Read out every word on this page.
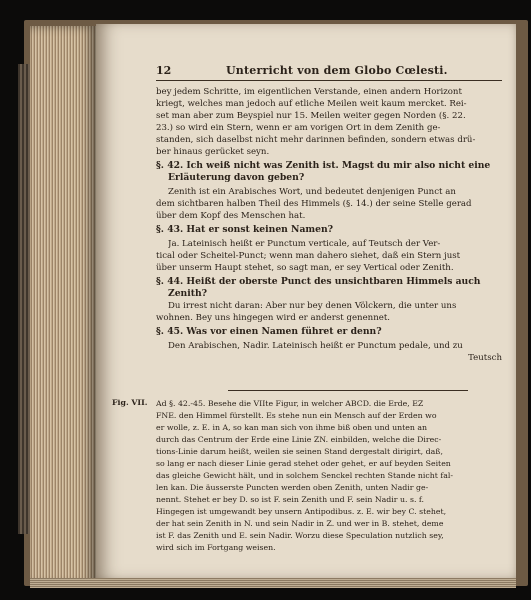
12	Unterricht von dem Globo Cœlesti.
bey jedem Schritte, im eigentlichen Verstande, einen andern Horizont
kriegt, welches man jedoch auf etliche Meilen weit kaum mercket. Rei-
set man aber zum Beyspiel nur 15. Meilen weiter gegen Norden (§. 22.
23.) so wird ein Stern, wenn er am vorigen Ort in dem Zenith ge-
standen, sich daselbst nicht mehr darinnen befinden, sondern etwas drü-
ber hinaus gerücket seyn.
§. 42. Ich weiß nicht was Zenith ist. Magst du mir also nicht eine
Erläuterung davon geben?
Zenith ist ein Arabisches Wort, und bedeutet denjenigen Punct an
dem sichtbaren halben Theil des Himmels (§. 14.) der seine Stelle gerad
über dem Kopf des Menschen hat.
§. 43. Hat er sonst keinen Namen?
Ja. Lateinisch heißt er Punctum verticale, auf Teutsch der Ver-
tical oder Scheitel-Punct; wenn man dahero siehet, daß ein Stern just
über unserm Haupt stehet, so sagt man, er sey Vertical oder Zenith.
§. 44. Heißt der oberste Punct des unsichtbaren Himmels auch
Zenith?
Du irrest nicht daran: Aber nur bey denen Völckern, die unter uns
wohnen. Bey uns hingegen wird er anderst genennet.
§. 45. Was vor einen Namen führet er denn?
Den Arabischen, Nadir. Lateinisch heißt er Punctum pedale, und zu
Teutsch
Fig. VII. Ad §. 42.-45. Besehe die VIIte Figur, in welcher ABCD. die Erde, EZ
FNE. den Himmel fürstellt. Es stehe nun ein Mensch auf der Erden wo
er wolle, z. E. in A, so kan man sich von ihme biß oben und unten an
durch das Centrum der Erde eine Linie ZN. einbilden, welche die Direc-
tions-Linie darum heißt, weilen sie seinen Stand dergestalt dirigirt, daß,
so lang er nach dieser Linie gerad stehet oder gehet, er auf beyden Seiten
das gleiche Gewicht hält, und in solchem Senckel rechten Stande nicht fal-
len kan. Die äusserste Puncten werden oben Zenith, unten Nadir ge-
nennt. Stehet er bey D. so ist F. sein Zenith und F. sein Nadir u. s. f.
Hingegen ist umgewandt bey unsern Antipodibus. z. E. wir bey C. stehet,
der hat sein Zenith in N. und sein Nadir in Z. und wer in B. stehet, deme
ist F. das Zenith und E. sein Nadir. Worzu diese Speculation nutzlich sey,
wird sich im Fortgang weisen.
